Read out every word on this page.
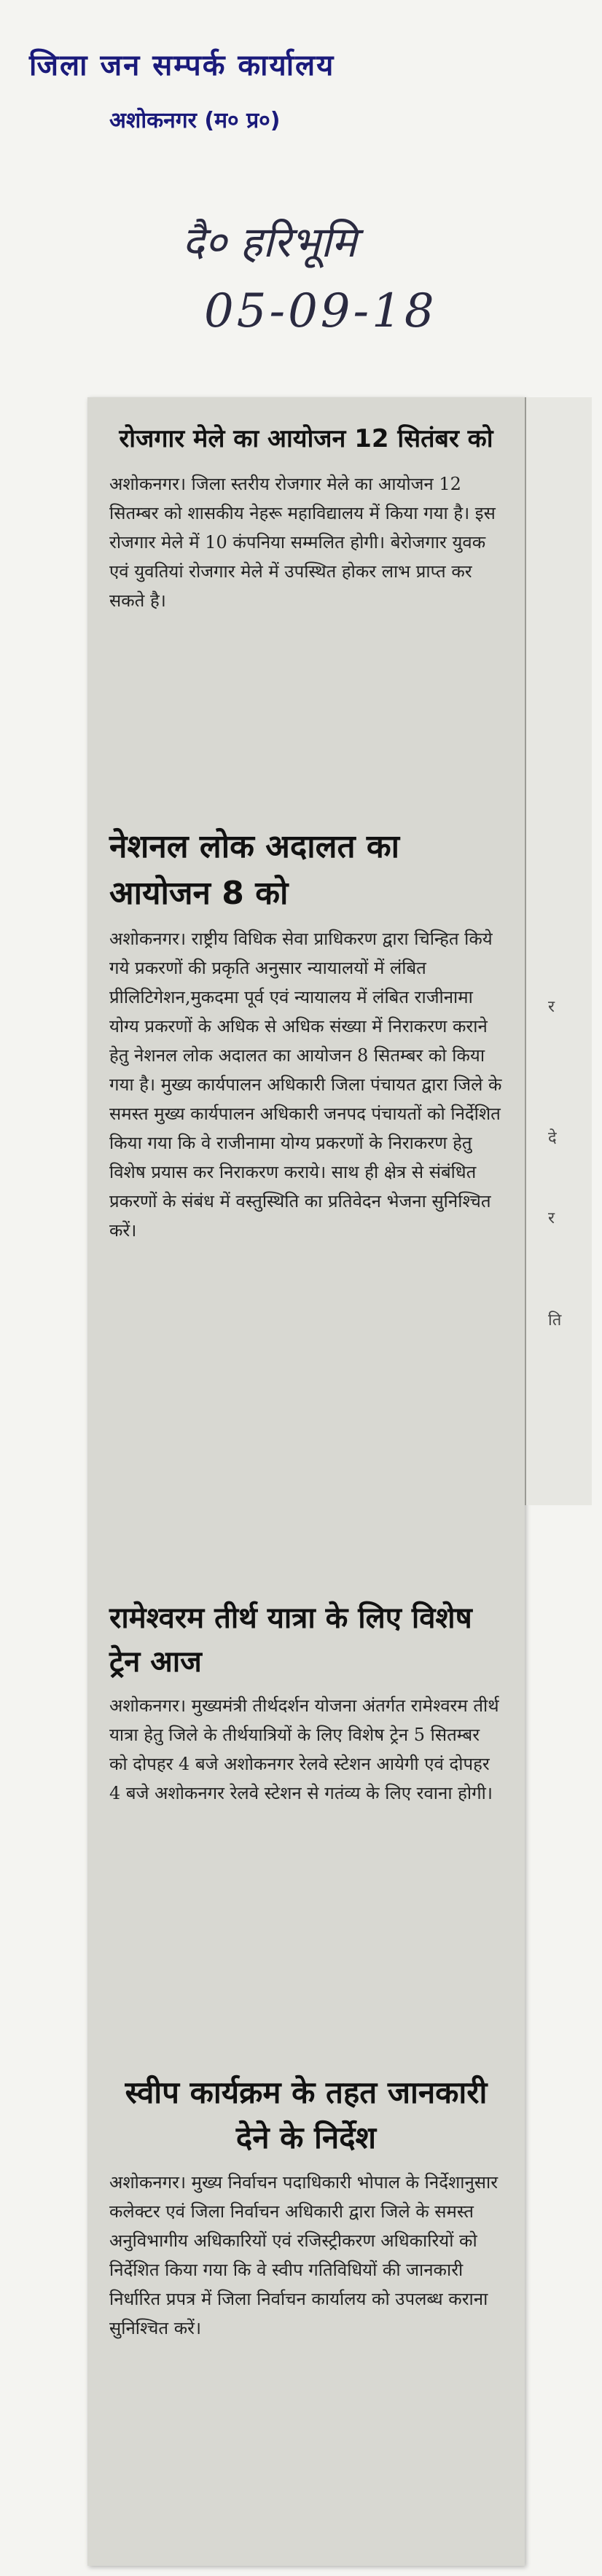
जिला जन सम्पर्क कार्यालय
अशोकनगर (म० प्र०)
दै० हरिभूमि
05-09-18
र
दे
र
ति
रोजगार मेले का आयोजन 12 सितंबर को
अशोकनगर। जिला स्तरीय रोजगार मेले का आयोजन 12 सितम्बर को शासकीय नेहरू महाविद्यालय में किया गया है। इस रोजगार मेले में 10 कंपनिया सम्मलित होगी। बेरोजगार युवक एवं युवतियां रोजगार मेले में उपस्थित होकर लाभ प्राप्त कर सकते है।
नेशनल लोक अदालत का आयोजन 8 को
अशोकनगर। राष्ट्रीय विधिक सेवा प्राधिकरण द्वारा चिन्हित किये गये प्रकरणों की प्रकृति अनुसार न्यायालयों में लंबित प्रीलिटिगेशन,मुकदमा पूर्व एवं न्यायालय में लंबित राजीनामा योग्य प्रकरणों के अधिक से अधिक संख्या में निराकरण कराने हेतु नेशनल लोक अदालत का आयोजन 8 सितम्बर को किया गया है। मुख्य कार्यपालन अधिकारी जिला पंचायत द्वारा जिले के समस्त मुख्य कार्यपालन अधिकारी जनपद पंचायतों को निर्देशित किया गया कि वे राजीनामा योग्य प्रकरणों के निराकरण हेतु विशेष प्रयास कर निराकरण कराये। साथ ही क्षेत्र से संबंधित प्रकरणों के संबंध में वस्तुस्थिति का प्रतिवेदन भेजना सुनिश्चित करें।
रामेश्वरम तीर्थ यात्रा के लिए विशेष ट्रेन आज
अशोकनगर। मुख्यमंत्री तीर्थदर्शन योजना अंतर्गत रामेश्वरम तीर्थ यात्रा हेतु जिले के तीर्थयात्रियों के लिए विशेष ट्रेन 5 सितम्बर को दोपहर 4 बजे अशोकनगर रेलवे स्टेशन आयेगी एवं दोपहर 4 बजे अशोकनगर रेलवे स्टेशन से गतंव्य के लिए रवाना होगी।
स्वीप कार्यक्रम के तहत जानकारी देने के निर्देश
अशोकनगर। मुख्य निर्वाचन पदाधिकारी भोपाल के निर्देशानुसार कलेक्टर एवं जिला निर्वाचन अधिकारी द्वारा जिले के समस्त अनुविभागीय अधिकारियों एवं रजिस्ट्रीकरण अधिकारियों को निर्देशित किया गया कि वे स्वीप गतिविधियों की जानकारी निर्धारित प्रपत्र में जिला निर्वाचन कार्यालय को उपलब्ध कराना सुनिश्चित करें।
